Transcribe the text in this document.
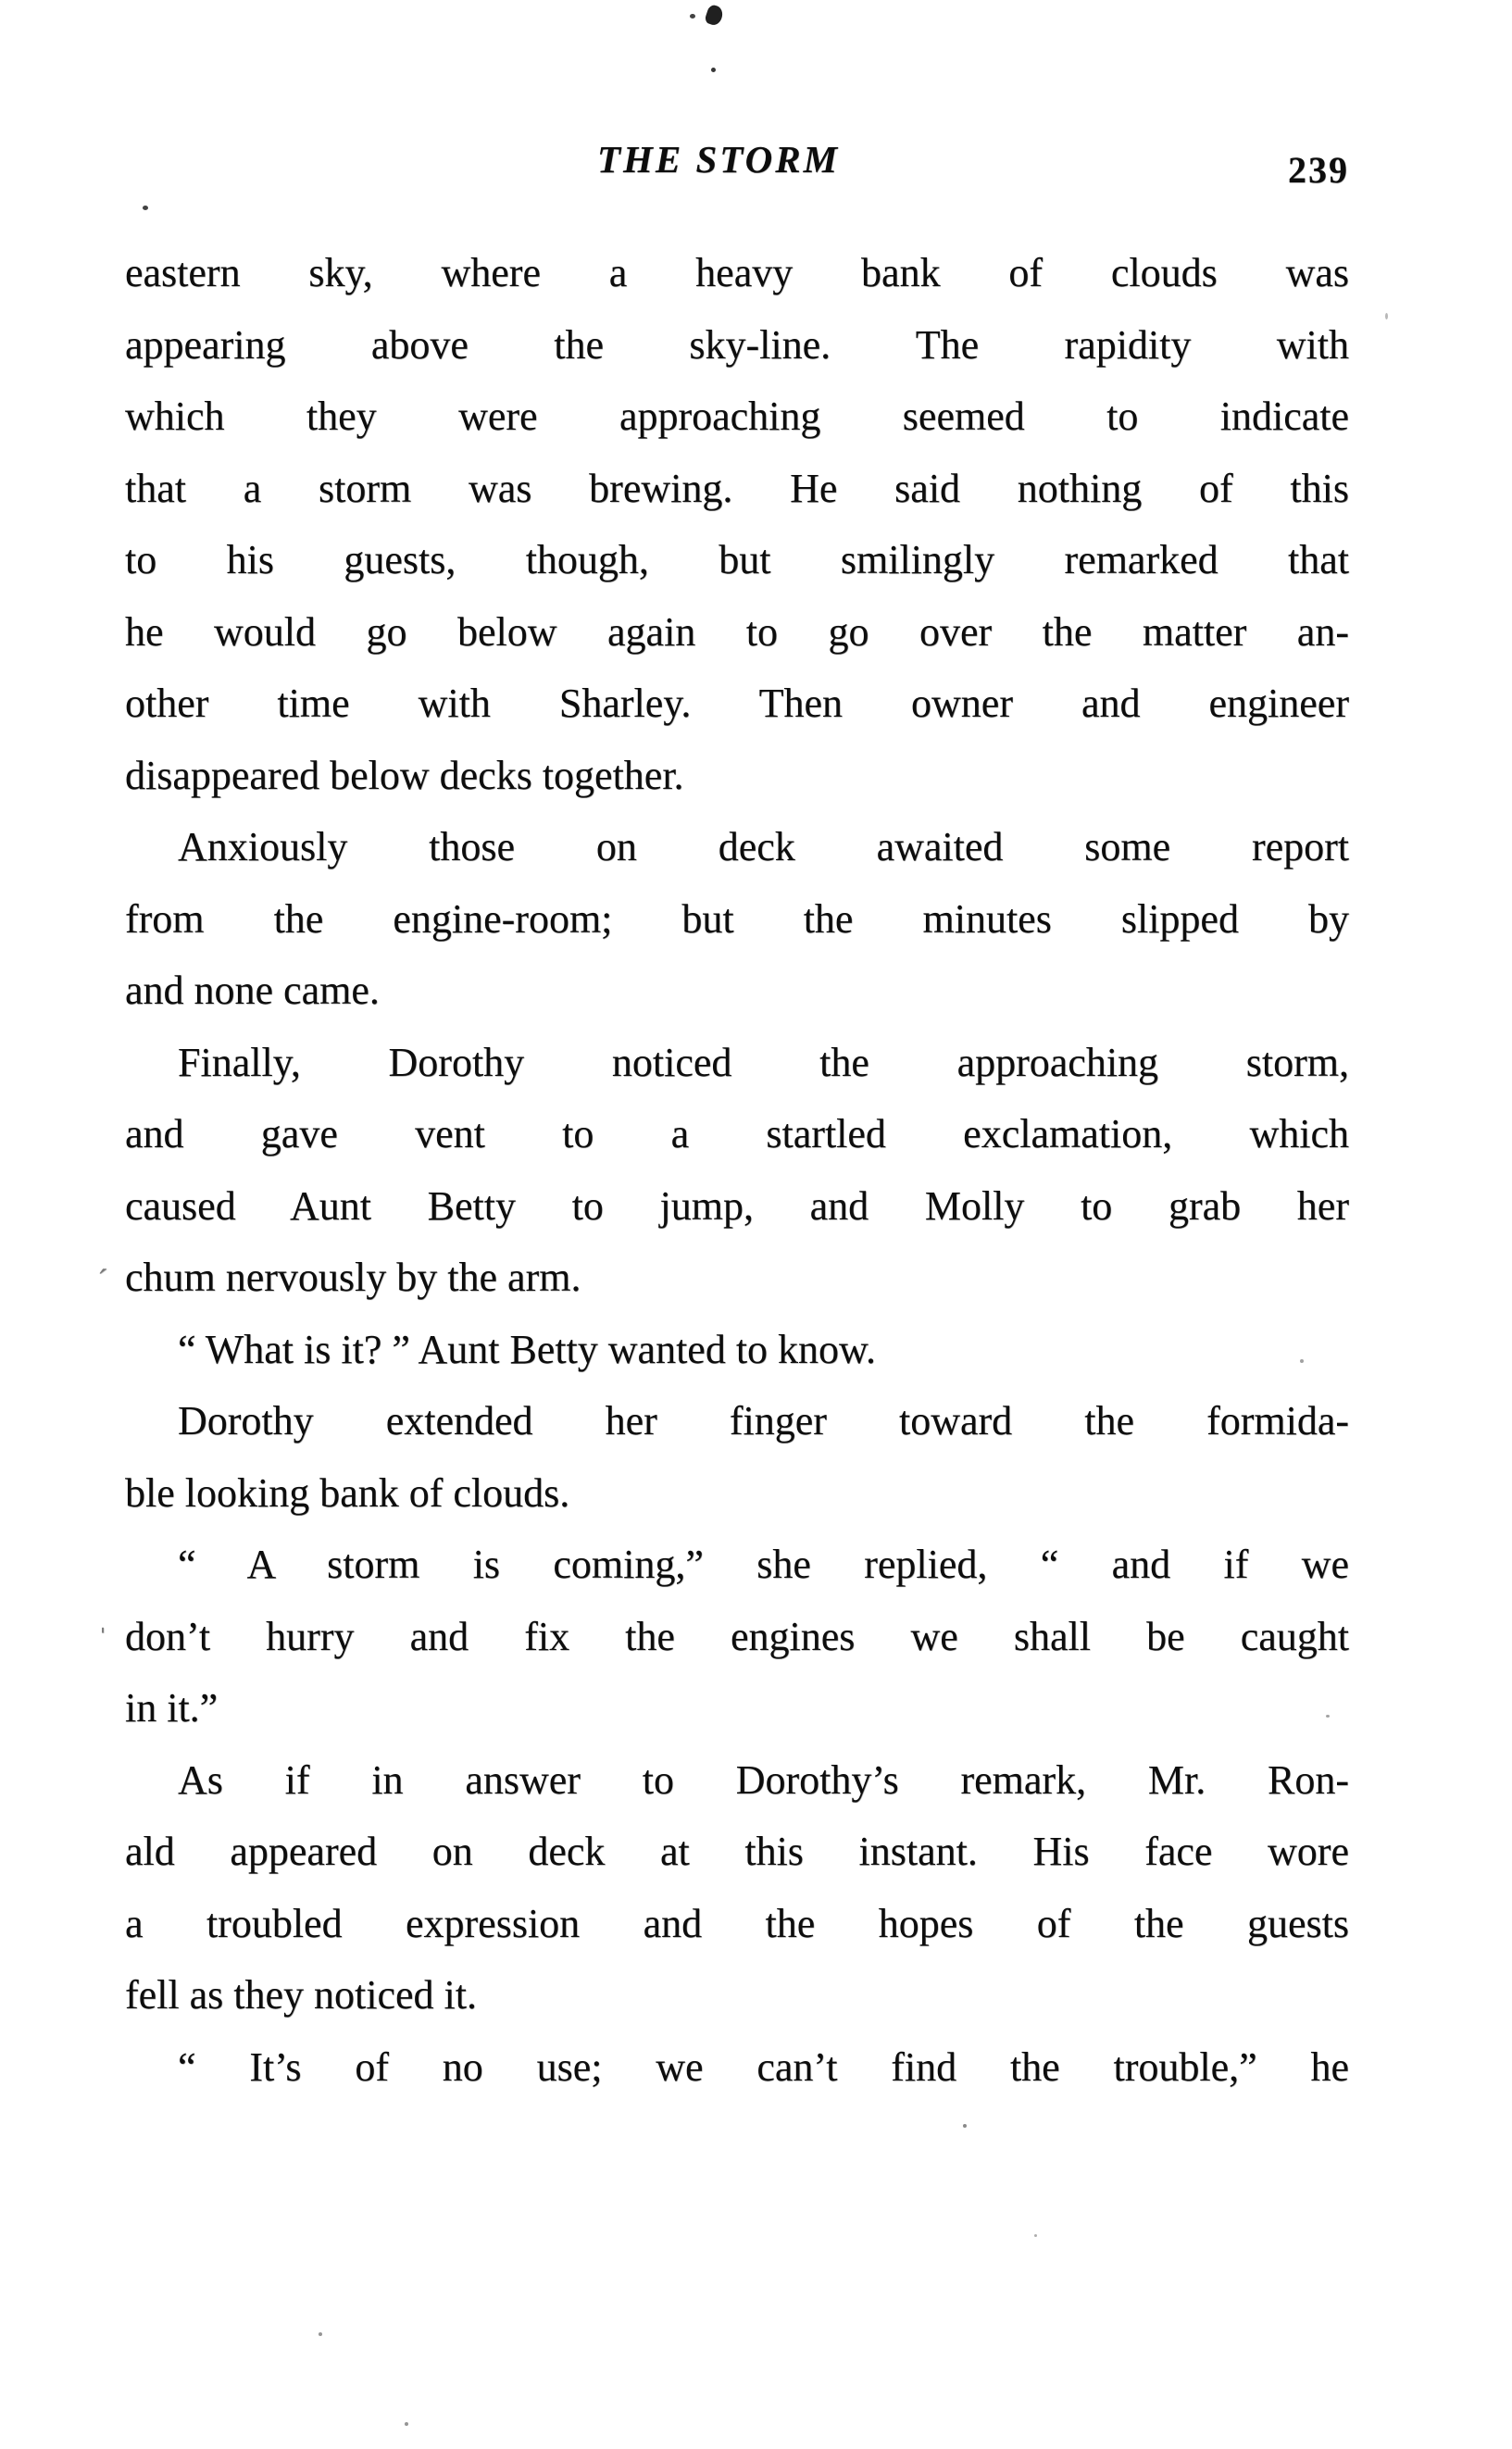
THE STORM	239
eastern sky, where a heavy bank of clouds was
appearing above the sky-line. The rapidity with
which they were approaching seemed to indicate
that a storm was brewing. He said nothing of this
to his guests, though, but smilingly remarked that
he would go below again to go over the matter an-
other time with Sharley. Then owner and engineer
disappeared below decks together.
Anxiously those on deck awaited some report
from the engine-room; but the minutes slipped by
and none came.
Finally, Dorothy noticed the approaching storm,
and gave vent to a startled exclamation, which
caused Aunt Betty to jump, and Molly to grab her
´ chum nervously by the arm.
“ What is it? ” Aunt Betty wanted to know.
Dorothy extended her finger toward the formida-
ble looking bank of clouds.
“ A storm is coming,” she replied, “ and if we
ˈ don’t hurry and fix the engines we shall be caught
in it.”
As if in answer to Dorothy’s remark, Mr. Ron-
ald appeared on deck at this instant. His face wore
a troubled expression and the hopes of the guests
fell as they noticed it.
“ It’s of no use; we can’t find the trouble,” he
